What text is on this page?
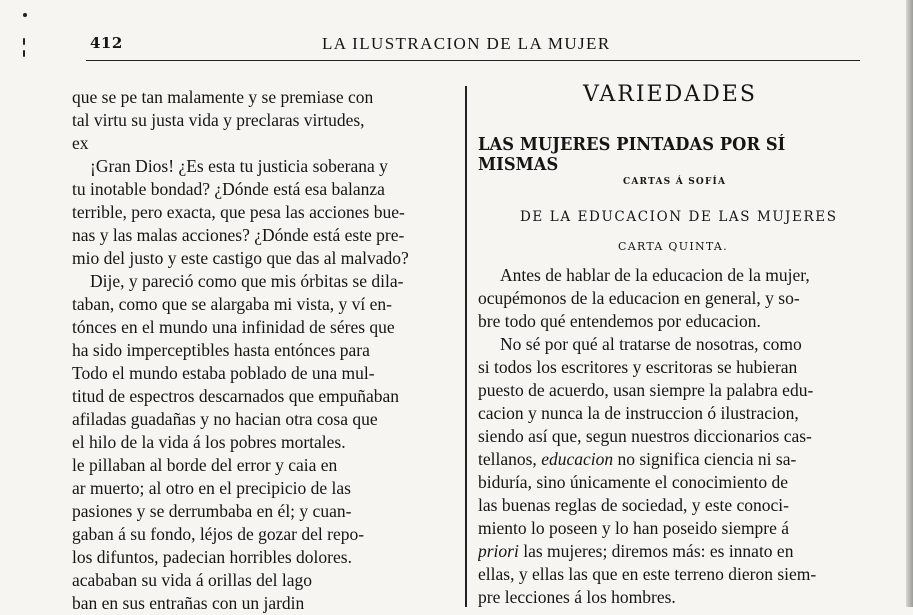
412	LA ILUSTRACION DE LA MUJER
que se pe tan malamente y se premiase con
tal virtu su justa vida y preclaras virtudes,
ex
¡Gran Dios! ¿Es esta tu justicia soberana y
tu inotable bondad? ¿Dónde está esa balanza
terrible, pero exacta, que pesa las acciones bue-
nas y las malas acciones? ¿Dónde está este pre-
mio del justo y este castigo que das al malvado?
Dije, y pareció como que mis órbitas se dila-
taban, como que se alargaba mi vista, y ví en-
tónces en el mundo una infinidad de séres que
ha sido imperceptibles hasta entónces para
Todo el mundo estaba poblado de una mul-
titud de espectros descarnados que empuñaban
afiladas guadañas y no hacian otra cosa que
el hilo de la vida á los pobres mortales.
le pillaban al borde del error y caia en
ar muerto; al otro en el precipicio de las
pasiones y se derrumbaba en él; y cuan-
gaban á su fondo, léjos de gozar del repo-
los difuntos, padecian horribles dolores.
acababan su vida á orillas del lago
ban en sus entrañas con un jardin
VARIEDADES
LAS MUJERES PINTADAS POR SÍ MISMAS
CARTAS Á SOFÍA
DE LA EDUCACION DE LAS MUJERES
CARTA QUINTA.
Antes de hablar de la educacion de la mujer,
ocupémonos de la educacion en general, y so-
bre todo qué entendemos por educacion.
No sé por qué al tratarse de nosotras, como
si todos los escritores y escritoras se hubieran
puesto de acuerdo, usan siempre la palabra edu-
cacion y nunca la de instruccion ó ilustracion,
siendo así que, segun nuestros diccionarios cas-
tellanos, educacion no significa ciencia ni sa-
biduría, sino únicamente el conocimiento de
las buenas reglas de sociedad, y este conoci-
miento lo poseen y lo han poseido siempre á
priori las mujeres; diremos más: es innato en
ellas, y ellas las que en este terreno dieron siem-
pre lecciones á los hombres.
